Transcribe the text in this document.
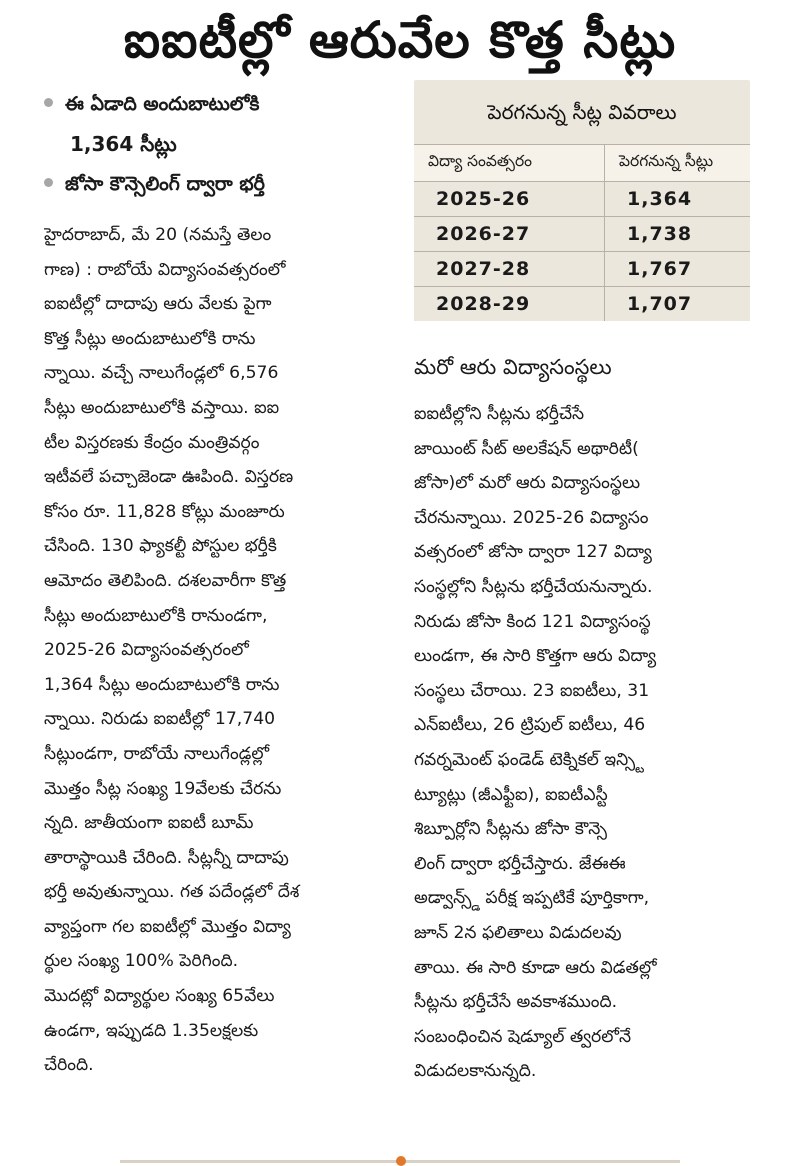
ఐఐటీల్లో ఆరువేల కొత్త సీట్లు
ఈ ఏడాది అందుబాటులోకి
1,364 సీట్లు
జోసా కౌన్సెలింగ్ ద్వారా భర్తీ
హైదరాబాద్, మే 20 (నమస్తే తెలం
గాణ) : రాబోయే విద్యాసంవత్సరంలో
ఐఐటీల్లో దాదాపు ఆరు వేలకు పైగా
కొత్త సీట్లు అందుబాటులోకి రాను
న్నాయి. వచ్చే నాలుగేండ్లలో 6,576
సీట్లు అందుబాటులోకి వస్తాయి. ఐఐ
టీల విస్తరణకు కేంద్రం మంత్రివర్గం
ఇటీవలే పచ్చాజెండా ఊపింది. విస్తరణ
కోసం రూ. 11,828 కోట్లు మంజూరు
చేసింది. 130 ఫ్యాకల్టీ పోస్టుల భర్తీకి
ఆమోదం తెలిపింది. దశలవారీగా కొత్త
సీట్లు అందుబాటులోకి రానుండగా,
2025-26 విద్యాసంవత్సరంలో
1,364 సీట్లు అందుబాటులోకి రాను
న్నాయి. నిరుడు ఐఐటీల్లో 17,740
సీట్లుండగా, రాబోయే నాలుగేండ్లల్లో
మొత్తం సీట్ల సంఖ్య 19వేలకు చేరను
న్నది. జాతీయంగా ఐఐటీ బూమ్
తారాస్థాయికి చేరింది. సీట్లన్నీ దాదాపు
భర్తీ అవుతున్నాయి. గత పదేండ్లలో దేశ
వ్యాప్తంగా గల ఐఐటీల్లో మొత్తం విద్యా
ర్థుల సంఖ్య 100% పెరిగింది.
మొదట్లో విద్యార్థుల సంఖ్య 65వేలు
ఉండగా, ఇప్పుడది 1.35లక్షలకు
చేరింది.
పెరగనున్న సీట్ల వివరాలు
విద్యా సంవత్సరం	పెరగనున్న సీట్లు
2025-26	1,364
2026-27	1,738
2027-28	1,767
2028-29	1,707
మరో ఆరు విద్యాసంస్థలు
ఐఐటీల్లోని సీట్లను భర్తీచేసే
జాయింట్ సీట్ అలకేషన్ అథారిటీ(
జోసా)లో మరో ఆరు విద్యాసంస్థలు
చేరనున్నాయి. 2025-26 విద్యాసం
వత్సరంలో జోసా ద్వారా 127 విద్యా
సంస్థల్లోని సీట్లను భర్తీచేయనున్నారు.
నిరుడు జోసా కింద 121 విద్యాసంస్థ
లుండగా, ఈ సారి కొత్తగా ఆరు విద్యా
సంస్థలు చేరాయి. 23 ఐఐటీలు, 31
ఎన్ఐటీలు, 26 ట్రిపుల్ ఐటీలు, 46
గవర్నమెంట్ ఫండెడ్ టెక్నికల్ ఇన్స్టి
ట్యూట్లు (జీఎఫ్టీఐ), ఐఐటీఎస్టీ
శిబ్పూర్లోని సీట్లను జోసా కౌన్సె
లింగ్ ద్వారా భర్తీచేస్తారు. జేఈఈ
అడ్వాన్స్డ్ పరీక్ష ఇప్పటికే పూర్తికాగా,
జూన్ 2న ఫలితాలు విడుదలవు
తాయి. ఈ సారి కూడా ఆరు విడతల్లో
సీట్లను భర్తీచేసే అవకాశముంది.
సంబంధించిన షెడ్యూల్ త్వరలోనే
విడుదలకానున్నది.
